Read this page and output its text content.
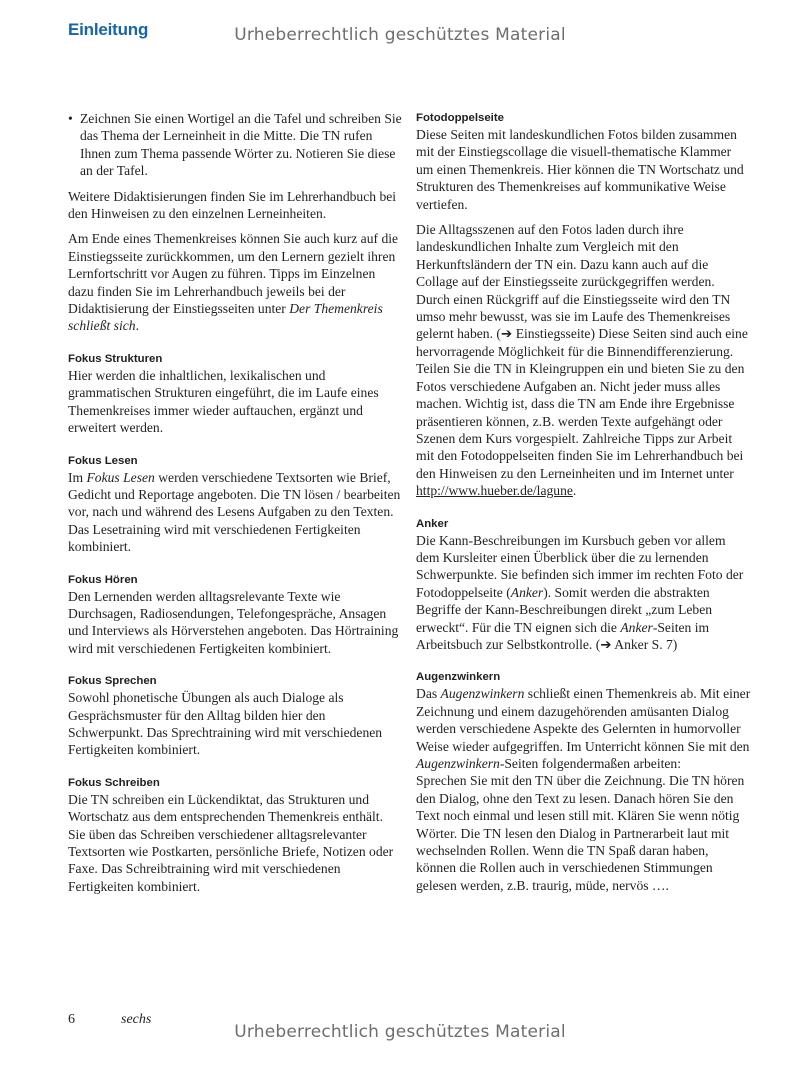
Einleitung	Urheberrechtlich geschütztes Material
• Zeichnen Sie einen Wortigel an die Tafel und schreiben Sie das Thema der Lerneinheit in die Mitte. Die TN rufen Ihnen zum Thema passende Wörter zu. Notieren Sie diese an der Tafel.

Weitere Didaktisierungen finden Sie im Lehrerhandbuch bei den Hinweisen zu den einzelnen Lerneinheiten.

Am Ende eines Themenkreises können Sie auch kurz auf die Einstiegsseite zurückkommen, um den Lernern gezielt ihren Lernfortschritt vor Augen zu führen. Tipps im Einzelnen dazu finden Sie im Lehrerhandbuch jeweils bei der Didaktisierung der Einstiegsseiten unter Der Themenkreis schließt sich.

Fokus Strukturen

Hier werden die inhaltlichen, lexikalischen und grammatischen Strukturen eingeführt, die im Laufe eines Themenkreises immer wieder auftauchen, ergänzt und erweitert werden.

Fokus Lesen

Im Fokus Lesen werden verschiedene Textsorten wie Brief, Gedicht und Reportage angeboten. Die TN lösen / bearbeiten vor, nach und während des Lesens Aufgaben zu den Texten. Das Lesetraining wird mit verschiedenen Fertigkeiten kombiniert.

Fokus Hören

Den Lernenden werden alltagsrelevante Texte wie Durchsagen, Radiosendungen, Telefongespräche, Ansagen und Interviews als Hörverstehen angeboten. Das Hörtraining wird mit verschiedenen Fertigkeiten kombiniert.

Fokus Sprechen

Sowohl phonetische Übungen als auch Dialoge als Gesprächsmuster für den Alltag bilden hier den Schwerpunkt. Das Sprechtraining wird mit verschiedenen Fertigkeiten kombiniert.

Fokus Schreiben

Die TN schreiben ein Lückendiktat, das Strukturen und Wortschatz aus dem entsprechenden Themenkreis enthält. Sie üben das Schreiben verschiedener alltagsrelevanter Textsorten wie Postkarten, persönliche Briefe, Notizen oder Faxe. Das Schreibtraining wird mit verschiedenen Fertigkeiten kombiniert.

Fotodoppelseite

Diese Seiten mit landeskundlichen Fotos bilden zusammen mit der Einstiegscollage die visuell-thematische Klammer um einen Themenkreis. Hier können die TN Wortschatz und Strukturen des Themenkreises auf kommunikative Weise vertiefen.

Die Alltagsszenen auf den Fotos laden durch ihre landeskundlichen Inhalte zum Vergleich mit den Herkunftsländern der TN ein. Dazu kann auch auf die Collage auf der Einstiegsseite zurückgegriffen werden. Durch einen Rückgriff auf die Einstiegsseite wird den TN umso mehr bewusst, was sie im Laufe des Themenkreises gelernt haben. (➔ Einstiegsseite) Diese Seiten sind auch eine hervorragende Möglichkeit für die Binnendifferenzierung. Teilen Sie die TN in Kleingruppen ein und bieten Sie zu den Fotos verschiedene Aufgaben an. Nicht jeder muss alles machen. Wichtig ist, dass die TN am Ende ihre Ergebnisse präsentieren können, z.B. werden Texte aufgehängt oder Szenen dem Kurs vorgespielt. Zahlreiche Tipps zur Arbeit mit den Fotodoppelseiten finden Sie im Lehrerhandbuch bei den Hinweisen zu den Lerneinheiten und im Internet unter http://www.hueber.de/lagune.

Anker

Die Kann-Beschreibungen im Kursbuch geben vor allem dem Kursleiter einen Überblick über die zu lernenden Schwerpunkte. Sie befinden sich immer im rechten Foto der Fotodoppelseite (Anker). Somit werden die abstrakten Begriffe der Kann-Beschreibungen direkt „zum Leben erweckt“. Für die TN eignen sich die Anker-Seiten im Arbeitsbuch zur Selbstkontrolle. (➔ Anker S. 7)

Augenzwinkern

Das Augenzwinkern schließt einen Themenkreis ab. Mit einer Zeichnung und einem dazugehörenden amüsanten Dialog werden verschiedene Aspekte des Gelernten in humorvoller Weise wieder aufgegriffen. Im Unterricht können Sie mit den Augenzwinkern-Seiten folgendermaßen arbeiten:

Sprechen Sie mit den TN über die Zeichnung. Die TN hören den Dialog, ohne den Text zu lesen. Danach hören Sie den Text noch einmal und lesen still mit. Klären Sie wenn nötig Wörter. Die TN lesen den Dialog in Partnerarbeit laut mit wechselnden Rollen. Wenn die TN Spaß daran haben, können die Rollen auch in verschiedenen Stimmungen gelesen werden, z.B. traurig, müde, nervös ….

6	sechs
Urheberrechtlich geschütztes Material
